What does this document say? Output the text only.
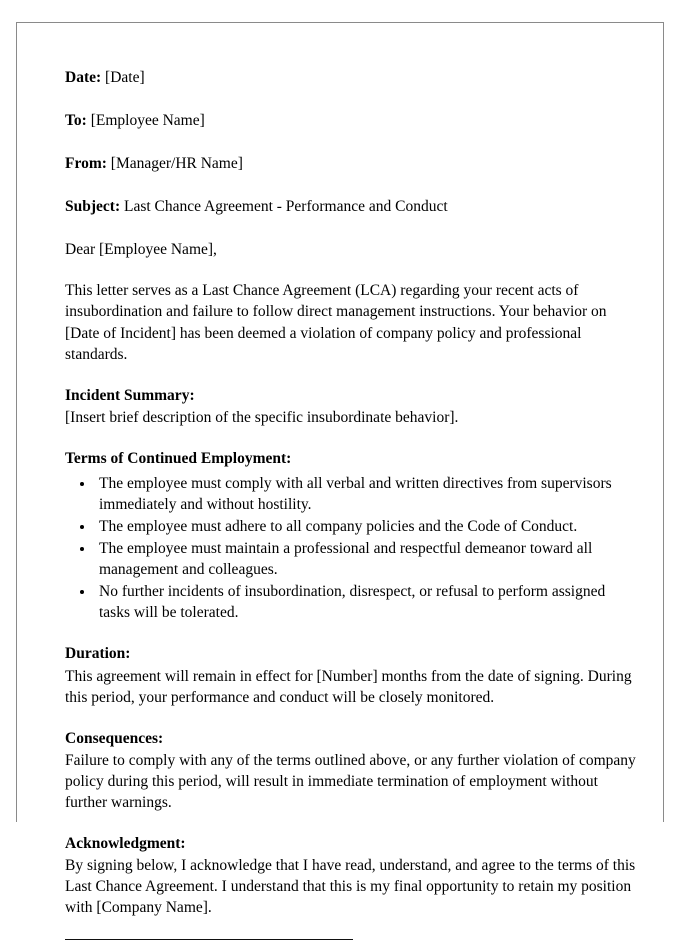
Date: [Date]

To: [Employee Name]

From: [Manager/HR Name]

Subject: Last Chance Agreement - Performance and Conduct

Dear [Employee Name],

This letter serves as a Last Chance Agreement (LCA) regarding your recent acts of insubordination and failure to follow direct management instructions. Your behavior on [Date of Incident] has been deemed a violation of company policy and professional standards.

Incident Summary:
[Insert brief description of the specific insubordinate behavior].
Terms of Continued Employment:
• The employee must comply with all verbal and written directives from supervisors immediately and without hostility.
• The employee must adhere to all company policies and the Code of Conduct.
• The employee must maintain a professional and respectful demeanor toward all management and colleagues.
• No further incidents of insubordination, disrespect, or refusal to perform assigned tasks will be tolerated.
Duration:
This agreement will remain in effect for [Number] months from the date of signing. During this period, your performance and conduct will be closely monitored.
Consequences:
Failure to comply with any of the terms outlined above, or any further violation of company policy during this period, will result in immediate termination of employment without further warnings.
Acknowledgment:
By signing below, I acknowledge that I have read, understand, and agree to the terms of this Last Chance Agreement. I understand that this is my final opportunity to retain my position with [Company Name].
